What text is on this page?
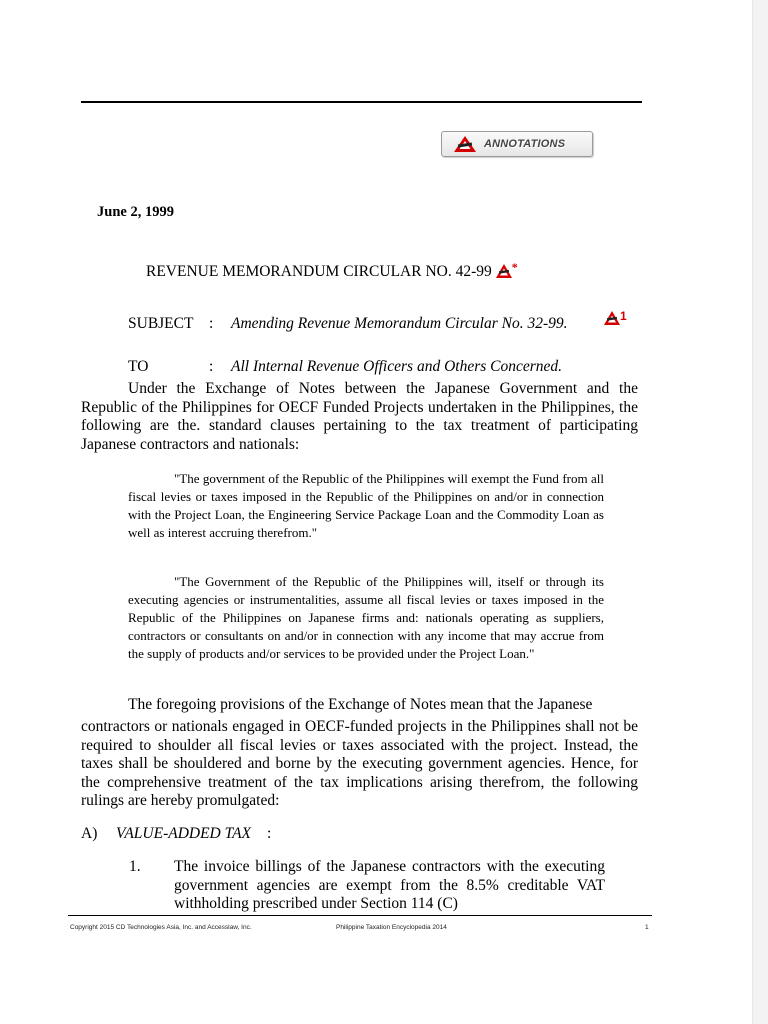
ANNOTATIONS
June 2, 1999
REVENUE MEMORANDUM CIRCULAR NO. 42-99 *
SUBJECT : Amending Revenue Memorandum Circular No. 32-99.	1
TO	: All Internal Revenue Officers and Others Concerned.
Under the Exchange of Notes between the Japanese Government and the Republic of the Philippines for OECF Funded Projects undertaken in the Philippines, the following are the. standard clauses pertaining to the tax treatment of participating Japanese contractors and nationals:
"The government of the Republic of the Philippines will exempt the Fund from all fiscal levies or taxes imposed in the Republic of the Philippines on and/or in connection with the Project Loan, the Engineering Service Package Loan and the Commodity Loan as well as interest accruing therefrom."
"The Government of the Republic of the Philippines will, itself or through its executing agencies or instrumentalities, assume all fiscal levies or taxes imposed in the Republic of the Philippines on Japanese firms and: nationals operating as suppliers, contractors or consultants on and/or in connection with any income that may accrue from the supply of products and/or services to be provided under the Project Loan."
The foregoing provisions of the Exchange of Notes mean that the Japanese
contractors or nationals engaged in OECF-funded projects in the Philippines shall not be required to shoulder all fiscal levies or taxes associated with the project. Instead, the taxes shall be shouldered and borne by the executing government agencies. Hence, for the comprehensive treatment of the tax implications arising therefrom, the following rulings are hereby promulgated:
A) VALUE-ADDED TAX :
1. The invoice billings of the Japanese contractors with the executing government agencies are exempt from the 8.5% creditable VAT withholding prescribed under Section 114 (C)
Copyright 2015 CD Technologies Asia, Inc. and Accesslaw, Inc.	Philippine Taxation Encyclopedia 2014	1
